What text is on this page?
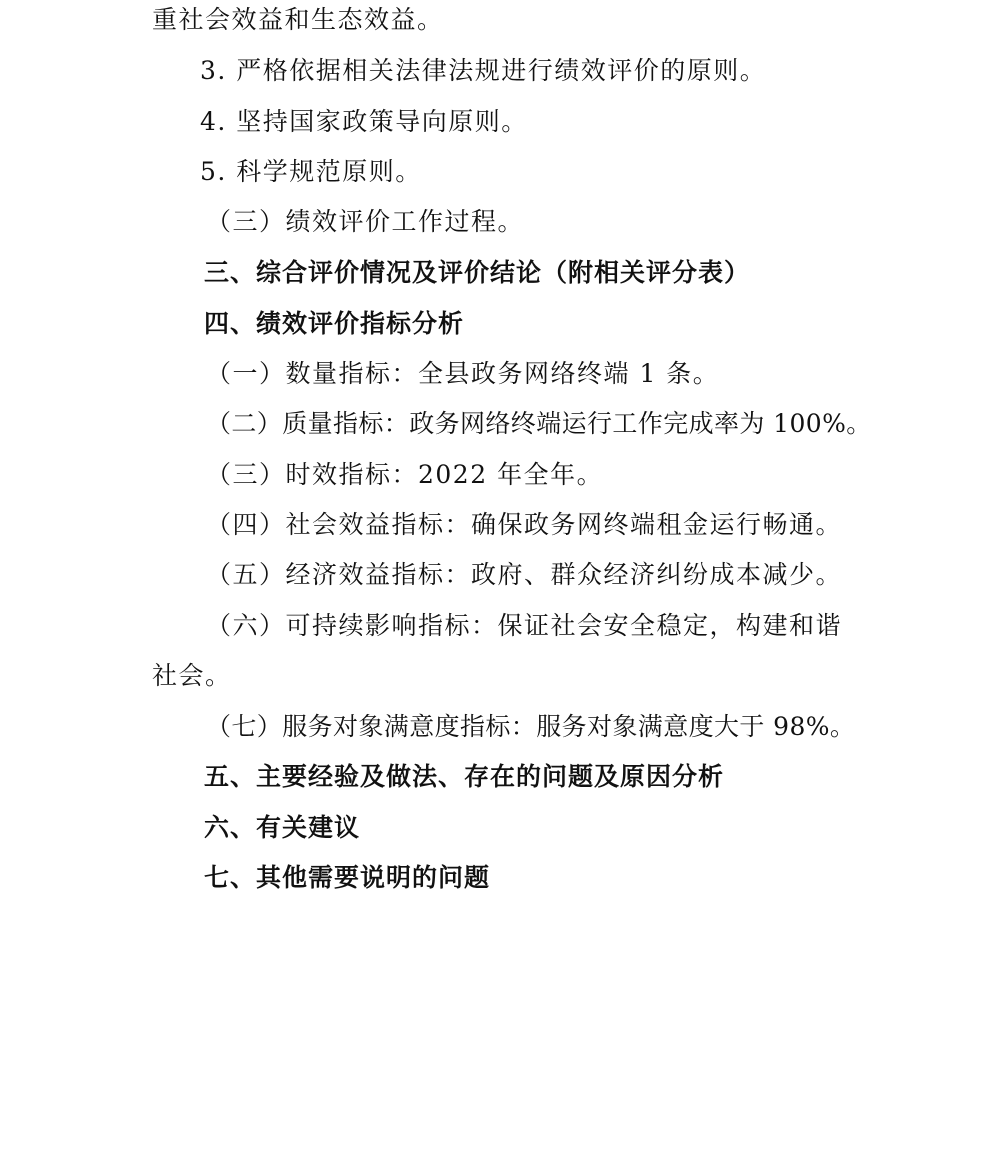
重社会效益和生态效益。
3. 严格依据相关法律法规进行绩效评价的原则。
4. 坚持国家政策导向原则。
5. 科学规范原则。
（三）绩效评价工作过程。
三、综合评价情况及评价结论（附相关评分表）
四、绩效评价指标分析
（一）数量指标：全县政务网络终端 1 条。
（二）质量指标：政务网络终端运行工作完成率为 100%。
（三）时效指标：2022 年全年。
（四）社会效益指标：确保政务网终端租金运行畅通。
（五）经济效益指标：政府、群众经济纠纷成本减少。
（六）可持续影响指标：保证社会安全稳定，构建和谐
社会。
（七）服务对象满意度指标：服务对象满意度大于 98%。
五、主要经验及做法、存在的问题及原因分析
六、有关建议
七、其他需要说明的问题
